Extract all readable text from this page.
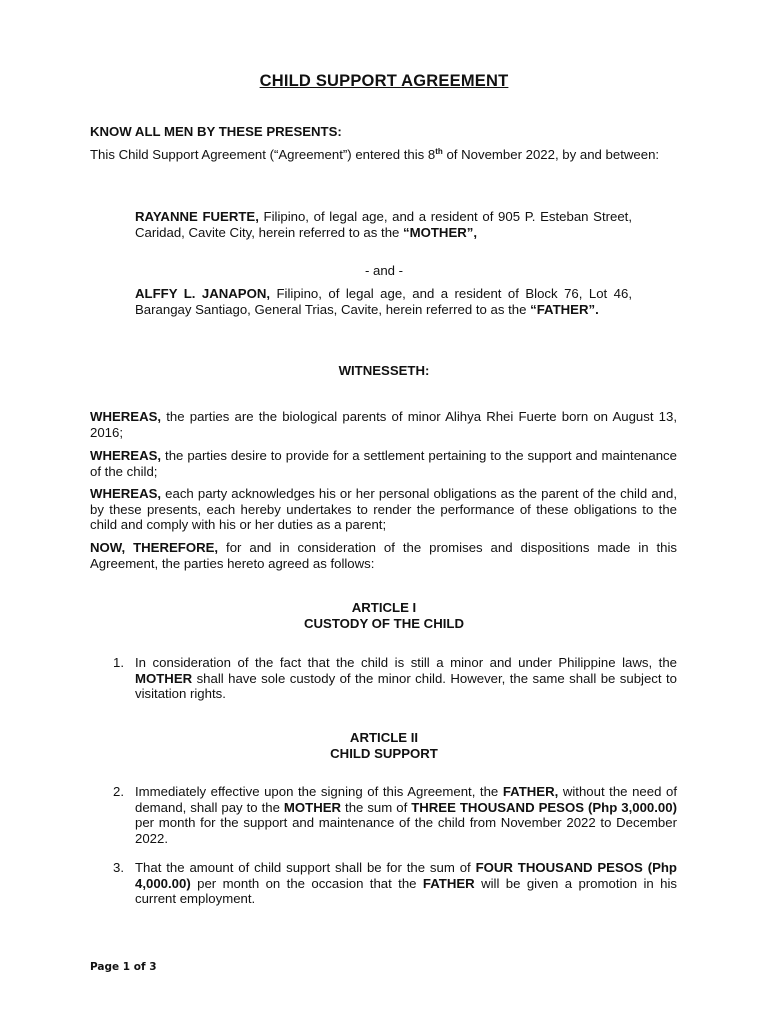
CHILD SUPPORT AGREEMENT

KNOW ALL MEN BY THESE PRESENTS:

This Child Support Agreement (“Agreement”) entered this 8th of November 2022, by and between:

RAYANNE FUERTE, Filipino, of legal age, and a resident of 905 P. Esteban Street, Caridad, Cavite City, herein referred to as the “MOTHER”,

- and -

ALFFY L. JANAPON, Filipino, of legal age, and a resident of Block 76, Lot 46, Barangay Santiago, General Trias, Cavite, herein referred to as the “FATHER”.

WITNESSETH:

WHEREAS, the parties are the biological parents of minor Alihya Rhei Fuerte born on August 13, 2016;

WHEREAS, the parties desire to provide for a settlement pertaining to the support and maintenance of the child;

WHEREAS, each party acknowledges his or her personal obligations as the parent of the child and, by these presents, each hereby undertakes to render the performance of these obligations to the child and comply with his or her duties as a parent;

NOW, THEREFORE, for and in consideration of the promises and dispositions made in this Agreement, the parties hereto agreed as follows:

ARTICLE I
CUSTODY OF THE CHILD
1. In consideration of the fact that the child is still a minor and under Philippine laws, the MOTHER shall have sole custody of the minor child. However, the same shall be subject to visitation rights.

ARTICLE II
CHILD SUPPORT
2. Immediately effective upon the signing of this Agreement, the FATHER, without the need of demand, shall pay to the MOTHER the sum of THREE THOUSAND PESOS (Php 3,000.00) per month for the support and maintenance of the child from November 2022 to December 2022.

3. That the amount of child support shall be for the sum of FOUR THOUSAND PESOS (Php 4,000.00) per month on the occasion that the FATHER will be given a promotion in his current employment.

Page 1 of 3
